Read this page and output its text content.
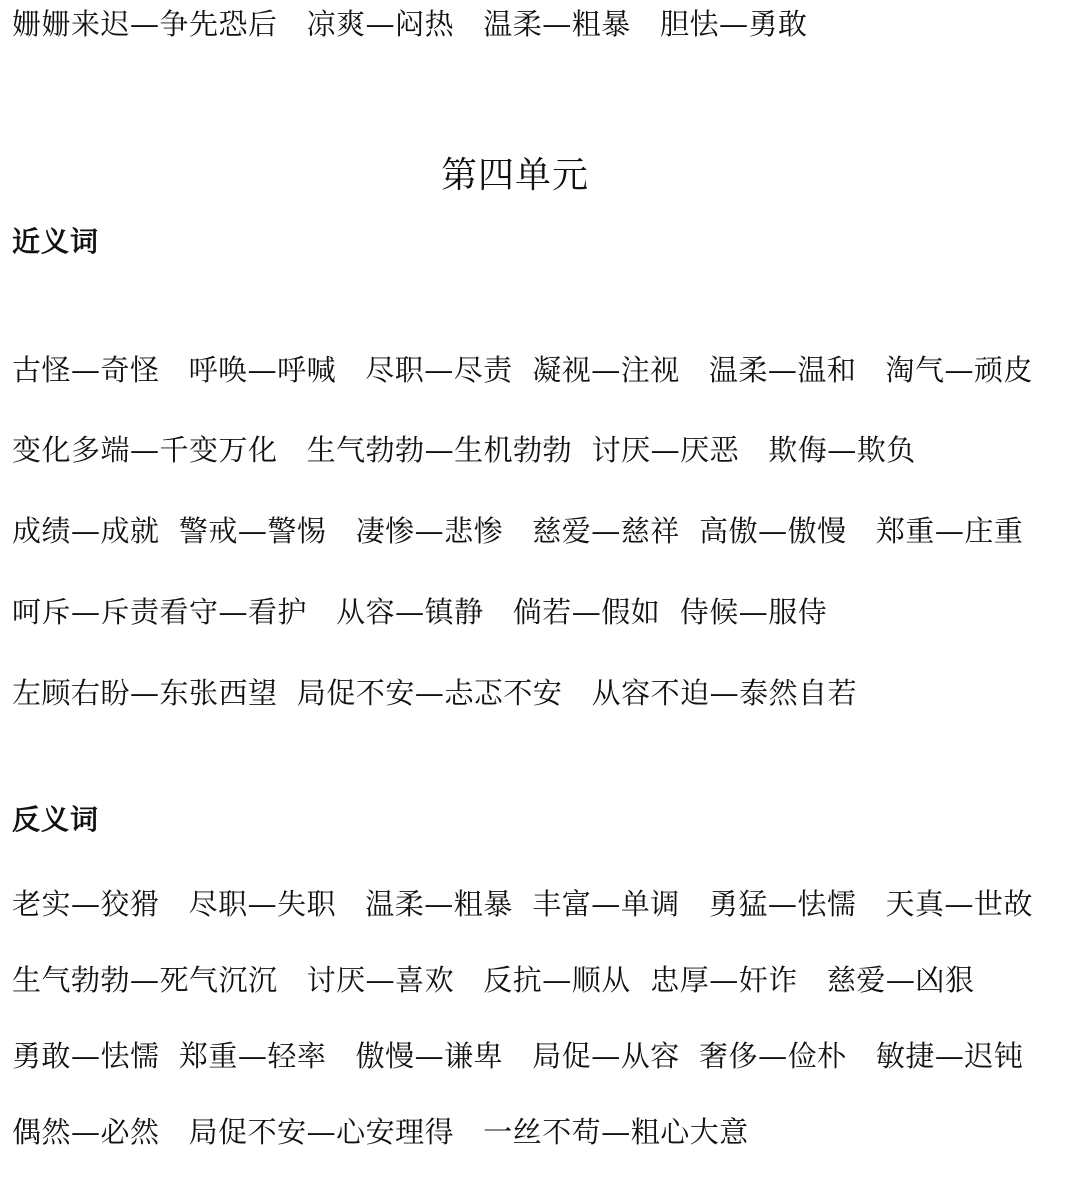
姗姗来迟—争先恐后   凉爽—闷热   温柔—粗暴   胆怯—勇敢
第四单元
近义词
古怪—奇怪   呼唤—呼喊   尽职—尽责  凝视—注视   温柔—温和   淘气—顽皮
变化多端—千变万化   生气勃勃—生机勃勃  讨厌—厌恶   欺侮—欺负
成绩—成就  警戒—警惕   凄惨—悲惨   慈爱—慈祥  高傲—傲慢   郑重—庄重
呵斥—斥责看守—看护   从容—镇静   倘若—假如  侍候—服侍
左顾右盼—东张西望  局促不安—忐忑不安   从容不迫—泰然自若
反义词
老实—狡猾   尽职—失职   温柔—粗暴  丰富—单调   勇猛—怯懦   天真—世故
生气勃勃—死气沉沉   讨厌—喜欢   反抗—顺从  忠厚—奸诈   慈爱—凶狠
勇敢—怯懦  郑重—轻率   傲慢—谦卑   局促—从容  奢侈—俭朴   敏捷—迟钝
偶然—必然   局促不安—心安理得   一丝不苟—粗心大意
